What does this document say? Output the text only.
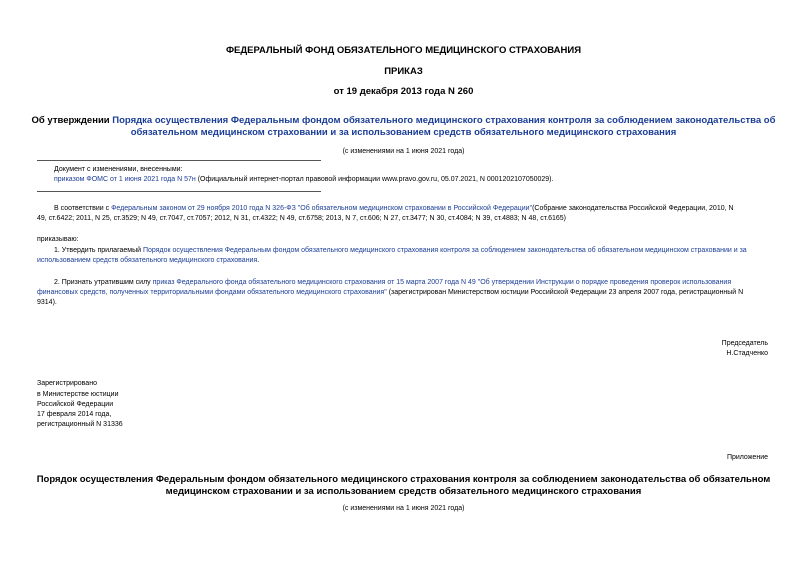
ФЕДЕРАЛЬНЫЙ ФОНД ОБЯЗАТЕЛЬНОГО МЕДИЦИНСКОГО СТРАХОВАНИЯ
ПРИКАЗ
от 19 декабря 2013 года N 260
Об утверждении Порядка осуществления Федеральным фондом обязательного медицинского страхования контроля за соблюдением законодательства об
обязательном медицинском страховании и за использованием средств обязательного медицинского страхования
(с изменениями на 1 июня 2021 года)
Документ с изменениями, внесенными:
приказом ФОМС от 1 июня 2021 года N 57н (Официальный интернет-портал правовой информации www.pravo.gov.ru, 05.07.2021, N 0001202107050029).
В соответствии с Федеральным законом от 29 ноября 2010 года N 326-ФЗ "Об обязательном медицинском страховании в Российской Федерации"(Собрание законодательства Российской Федерации, 2010, N
49, ст.6422; 2011, N 25, ст.3529; N 49, ст.7047, ст.7057; 2012, N 31, ст.4322; N 49, ст.6758; 2013, N 7, ст.606; N 27, ст.3477; N 30, ст.4084; N 39, ст.4883; N 48, ст.6165)
приказываю:
1. Утвердить прилагаемый Порядок осуществления Федеральным фондом обязательного медицинского страхования контроля за соблюдением законодательства об обязательном медицинском страховании и за
использованием средств обязательного медицинского страхования.
2. Признать утратившим силу приказ Федерального фонда обязательного медицинского страхования от 15 марта 2007 года N 49 "Об утверждении Инструкции о порядке проведения проверок использования
финансовых средств, полученных территориальными фондами обязательного медицинского страхования" (зарегистрирован Министерством юстиции Российской Федерации 23 апреля 2007 года, регистрационный N
9314).
Председатель
Н.Стадченко
Зарегистрировано
в Министерстве юстиции
Российской Федерации
17 февраля 2014 года,
регистрационный N 31336
Приложение
Порядок осуществления Федеральным фондом обязательного медицинского страхования контроля за соблюдением законодательства об обязательном
медицинском страховании и за использованием средств обязательного медицинского страхования
(с изменениями на 1 июня 2021 года)
